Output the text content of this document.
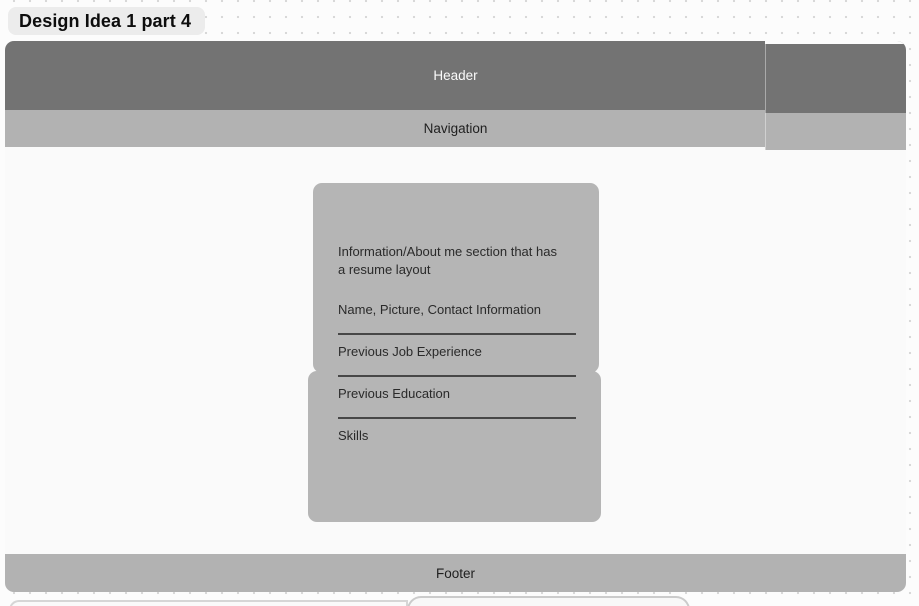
Design Idea 1 part 4
Header
Navigation
Footer

Information/About me section that has a resume layout

Name, Picture, Contact Information

Previous Job Experience

Previous Education

Skills
